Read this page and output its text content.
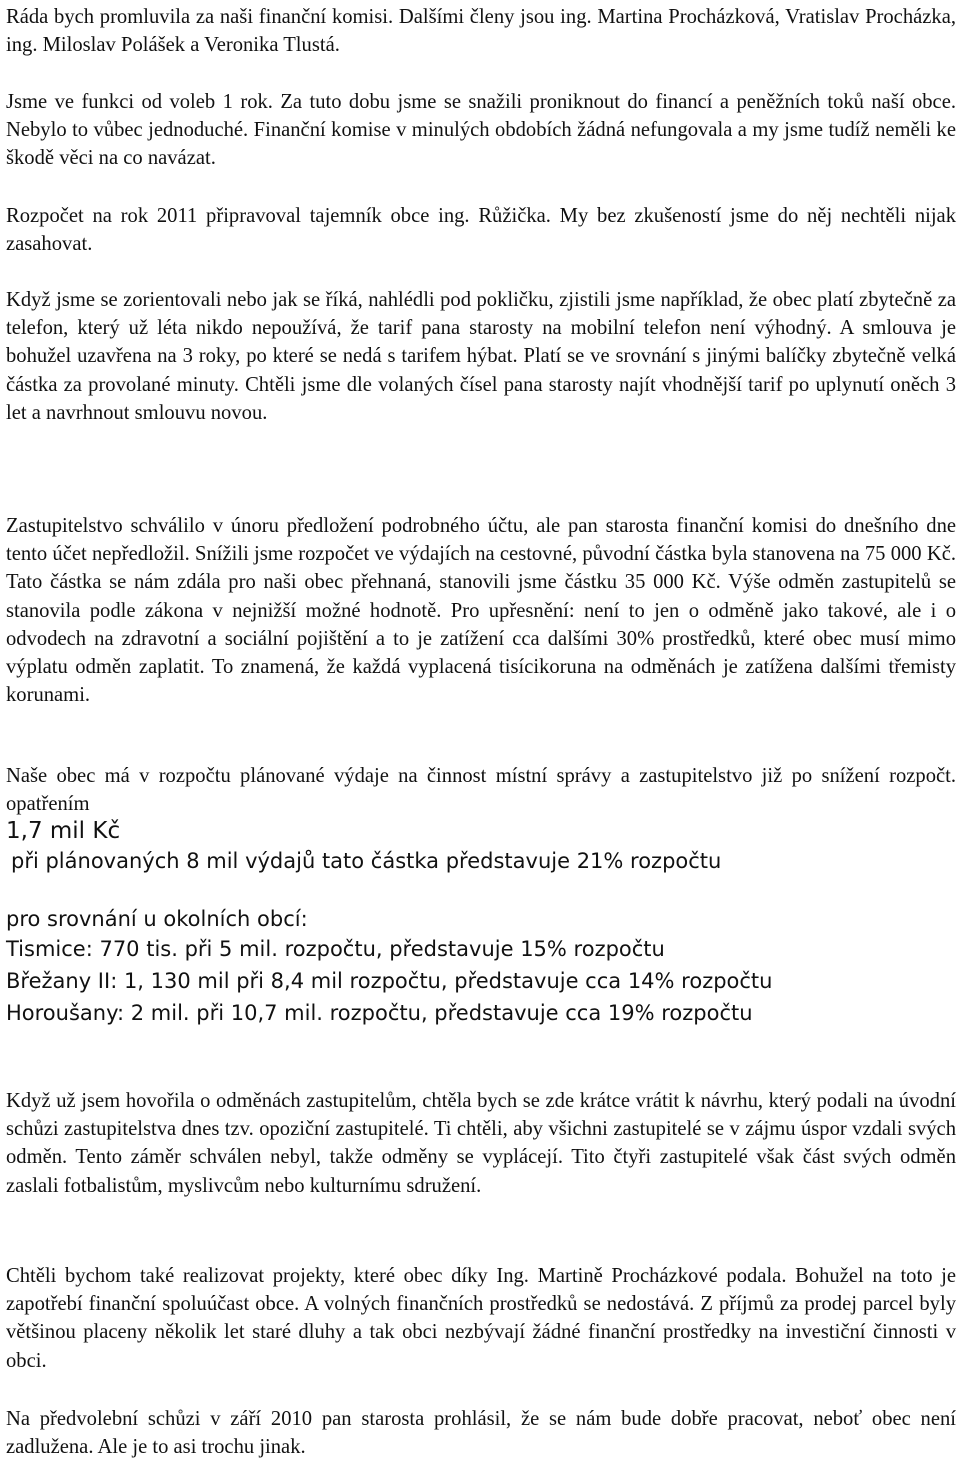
Ráda bych promluvila za naši finanční komisi. Dalšími členy jsou ing. Martina Procházková, Vratislav Procházka, ing. Miloslav Polášek a Veronika Tlustá.

Jsme ve funkci od voleb 1 rok. Za tuto dobu jsme se snažili proniknout do financí a peněžních toků naší obce. Nebylo to vůbec jednoduché. Finanční komise v minulých obdobích žádná nefungovala a my jsme tudíž neměli ke škodě věci na co navázat.

Rozpočet na rok 2011 připravoval tajemník obce ing. Růžička. My bez zkušeností jsme do něj nechtěli nijak zasahovat.

Když jsme se zorientovali nebo jak se říká, nahlédli pod pokličku, zjistili jsme například, že obec platí zbytečně za telefon, který už léta nikdo nepoužívá, že tarif pana starosty na mobilní telefon není výhodný. A smlouva je bohužel uzavřena na 3 roky, po které se nedá s tarifem hýbat. Platí se ve srovnání s jinými balíčky zbytečně velká částka za provolané minuty. Chtěli jsme dle volaných čísel pana starosty najít vhodnější tarif po uplynutí oněch 3 let a navrhnout smlouvu novou.

Zastupitelstvo schválilo v únoru předložení podrobného účtu, ale pan starosta finanční komisi do dnešního dne tento účet nepředložil. Snížili jsme rozpočet ve výdajích na cestovné, původní částka byla stanovena na 75 000 Kč. Tato částka se nám zdála pro naši obec přehnaná, stanovili jsme částku 35 000 Kč. Výše odměn zastupitelů se stanovila podle zákona v nejnižší možné hodnotě. Pro upřesnění: není to jen o odměně jako takové, ale i o odvodech na zdravotní a sociální pojištění a to je zatížení cca dalšími 30% prostředků, které obec musí mimo výplatu odměn zaplatit. To znamená, že každá vyplacená tisícikoruna na odměnách je zatížena dalšími třemisty korunami.

Naše obec má v rozpočtu plánované výdaje na činnost místní správy a zastupitelstvo již po snížení rozpočt. opatřením

1,7 mil Kč

při plánovaných 8 mil výdajů tato částka představuje 21% rozpočtu

pro srovnání u okolních obcí:

Tismice: 770 tis. při 5 mil. rozpočtu, představuje 15% rozpočtu

Břežany II: 1, 130 mil při 8,4 mil rozpočtu, představuje cca 14% rozpočtu

Horoušany: 2 mil. při 10,7 mil. rozpočtu, představuje cca 19% rozpočtu

Když už jsem hovořila o odměnách zastupitelům, chtěla bych se zde krátce vrátit k návrhu, který podali na úvodní schůzi zastupitelstva dnes tzv. opoziční zastupitelé. Ti chtěli, aby všichni zastupitelé se v zájmu úspor vzdali svých odměn. Tento záměr schválen nebyl, takže odměny se vyplácejí. Tito čtyři zastupitelé však část svých odměn zaslali fotbalistům, myslivcům nebo kulturnímu sdružení.

Chtěli bychom také realizovat projekty, které obec díky Ing. Martině Procházkové podala. Bohužel na toto je zapotřebí finanční spoluúčast obce. A volných finančních prostředků se nedostává. Z příjmů za prodej parcel byly většinou placeny několik let staré dluhy a tak obci nezbývají žádné finanční prostředky na investiční činnosti v obci.

Na předvolební schůzi v září 2010 pan starosta prohlásil, že se nám bude dobře pracovat, neboť obec není zadlužena. Ale je to asi trochu jinak.
